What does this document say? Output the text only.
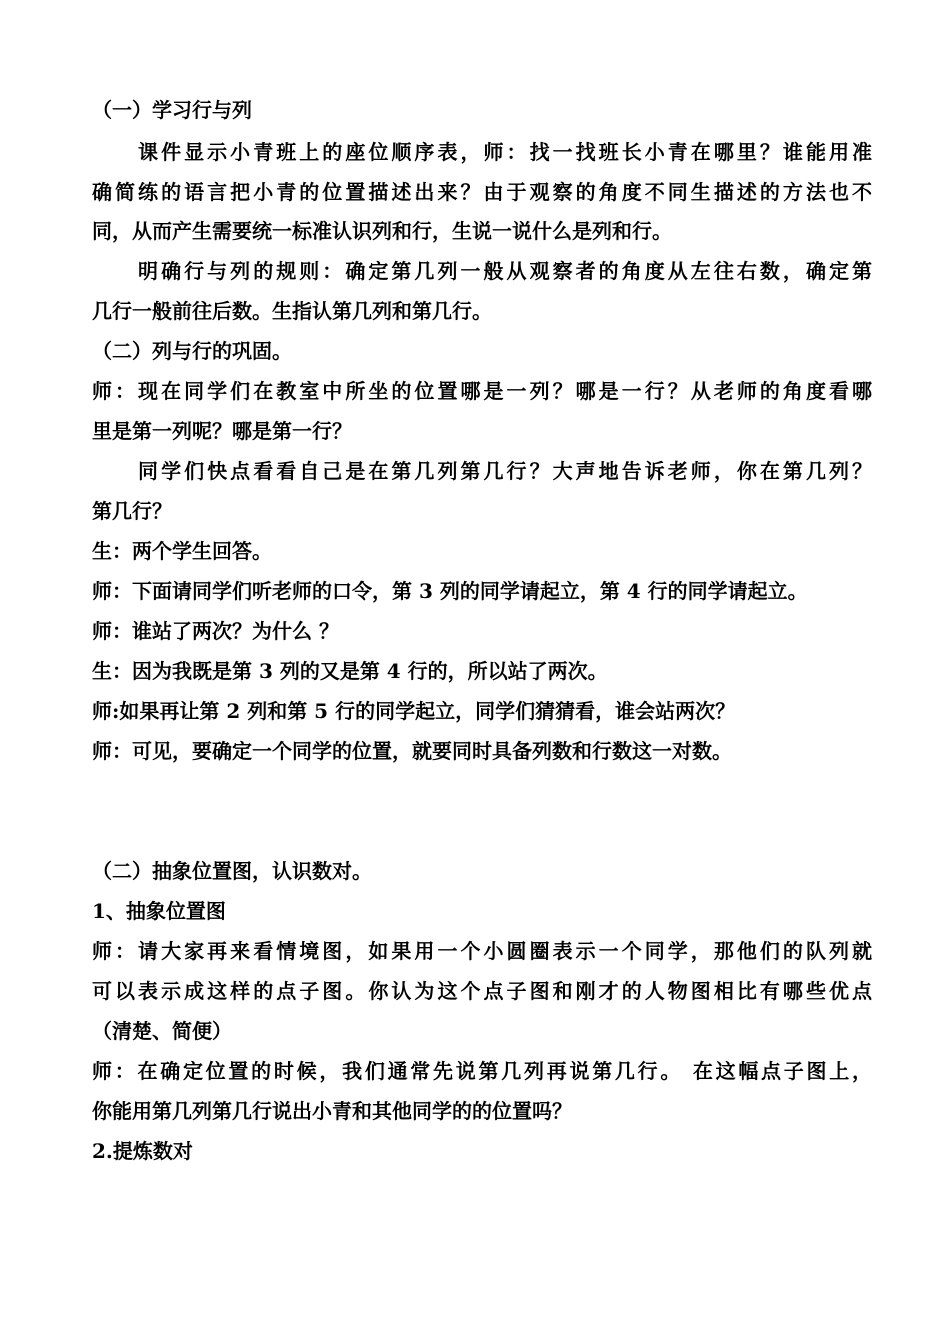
（一）学习行与列
　　课件显示小青班上的座位顺序表，师：找一找班长小青在哪里？谁能用准
确简练的语言把小青的位置描述出来？由于观察的角度不同生描述的方法也不
同，从而产生需要统一标准认识列和行，生说一说什么是列和行。
　　明确行与列的规则：确定第几列一般从观察者的角度从左往右数，确定第
几行一般前往后数。生指认第几列和第几行。
（二）列与行的巩固。
师：现在同学们在教室中所坐的位置哪是一列？哪是一行？从老师的角度看哪
里是第一列呢？哪是第一行？
　　同学们快点看看自己是在第几列第几行？大声地告诉老师，你在第几列？
第几行？
生：两个学生回答。
师：下面请同学们听老师的口令，第 3 列的同学请起立，第 4 行的同学请起立。
师：谁站了两次？为什么 ？
生：因为我既是第 3 列的又是第 4 行的，所以站了两次。
师:如果再让第 2 列和第 5 行的同学起立，同学们猜猜看，谁会站两次？
师：可见，要确定一个同学的位置，就要同时具备列数和行数这一对数。
（二）抽象位置图，认识数对。
1、抽象位置图
师：请大家再来看情境图，如果用一个小圆圈表示一个同学，那他们的队列就
可以表示成这样的点子图。你认为这个点子图和刚才的人物图相比有哪些优点
（清楚、简便）
师：在确定位置的时候，我们通常先说第几列再说第几行。 在这幅点子图上，
你能用第几列第几行说出小青和其他同学的的位置吗？
2.提炼数对
